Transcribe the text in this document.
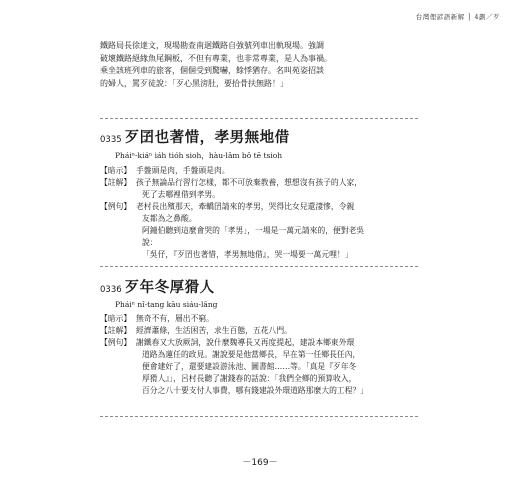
台灣俚諺語新解 │ 4劃／歹

鐵路局長徐達文，現場勘查南迴鐵路自強號列車出軌現場。強調

破壞鐵路絕緣魚尾鋼板，不但有專業，也非常專業，是人為事禍。

乘坐該班列車的旅客，個個受到驚嚇，餘悸猶存。名叫苑姿招談

的婦人，罵歹徒說：「歹心黑滂肚，要拾骨扶無路！」

0335 歹囝也著惜，孝男無地借
Pháiⁿ-kiáⁿ iáh tióh sioh，hàu-lâm bô tē tsioh
【暗示】 手盤頭是肉，手盤頭是肉。

【註解】 孩子無論品行習行怎樣，都不可放棄教養，想想沒有孩子的人家，

死了去哪裡借到孝男。

【例句】 老村長出殯那天，牽轎囝請來的孝男，哭得比女兒還淒慘，令親

友都為之鼻酸。

阿鐘伯聽到這麼會哭的「孝男」，一場是一萬元請來的，便對老吳

說：

「吳仔，『歹囝也著惜，孝男無地借』，哭一場要一萬元哩！」

0336 歹年冬厚猾人
Pháiⁿ nî-tang kāu siáu-lâng
【暗示】 無奇不有，層出不窮。

【註解】 經濟蕭條，生活困苦，求生百態，五花八門。

【例句】 謝鐵春又大放厥詞，說什麼魏導長又再度提起，建設本鄉東外環

道路為蓮任的政見。謝說要是他當鄉長，早在第一任鄉長任內，

便會建好了，還要建設游泳池、圖書館……等。「真是『歹年冬

厚猾人』」，呂村長聽了謝錢春的話說：「我們全鄉的預算收入，

百分之八十要支付人事費，哪有錢建設外環道路那麼大的工程？」

－169－
